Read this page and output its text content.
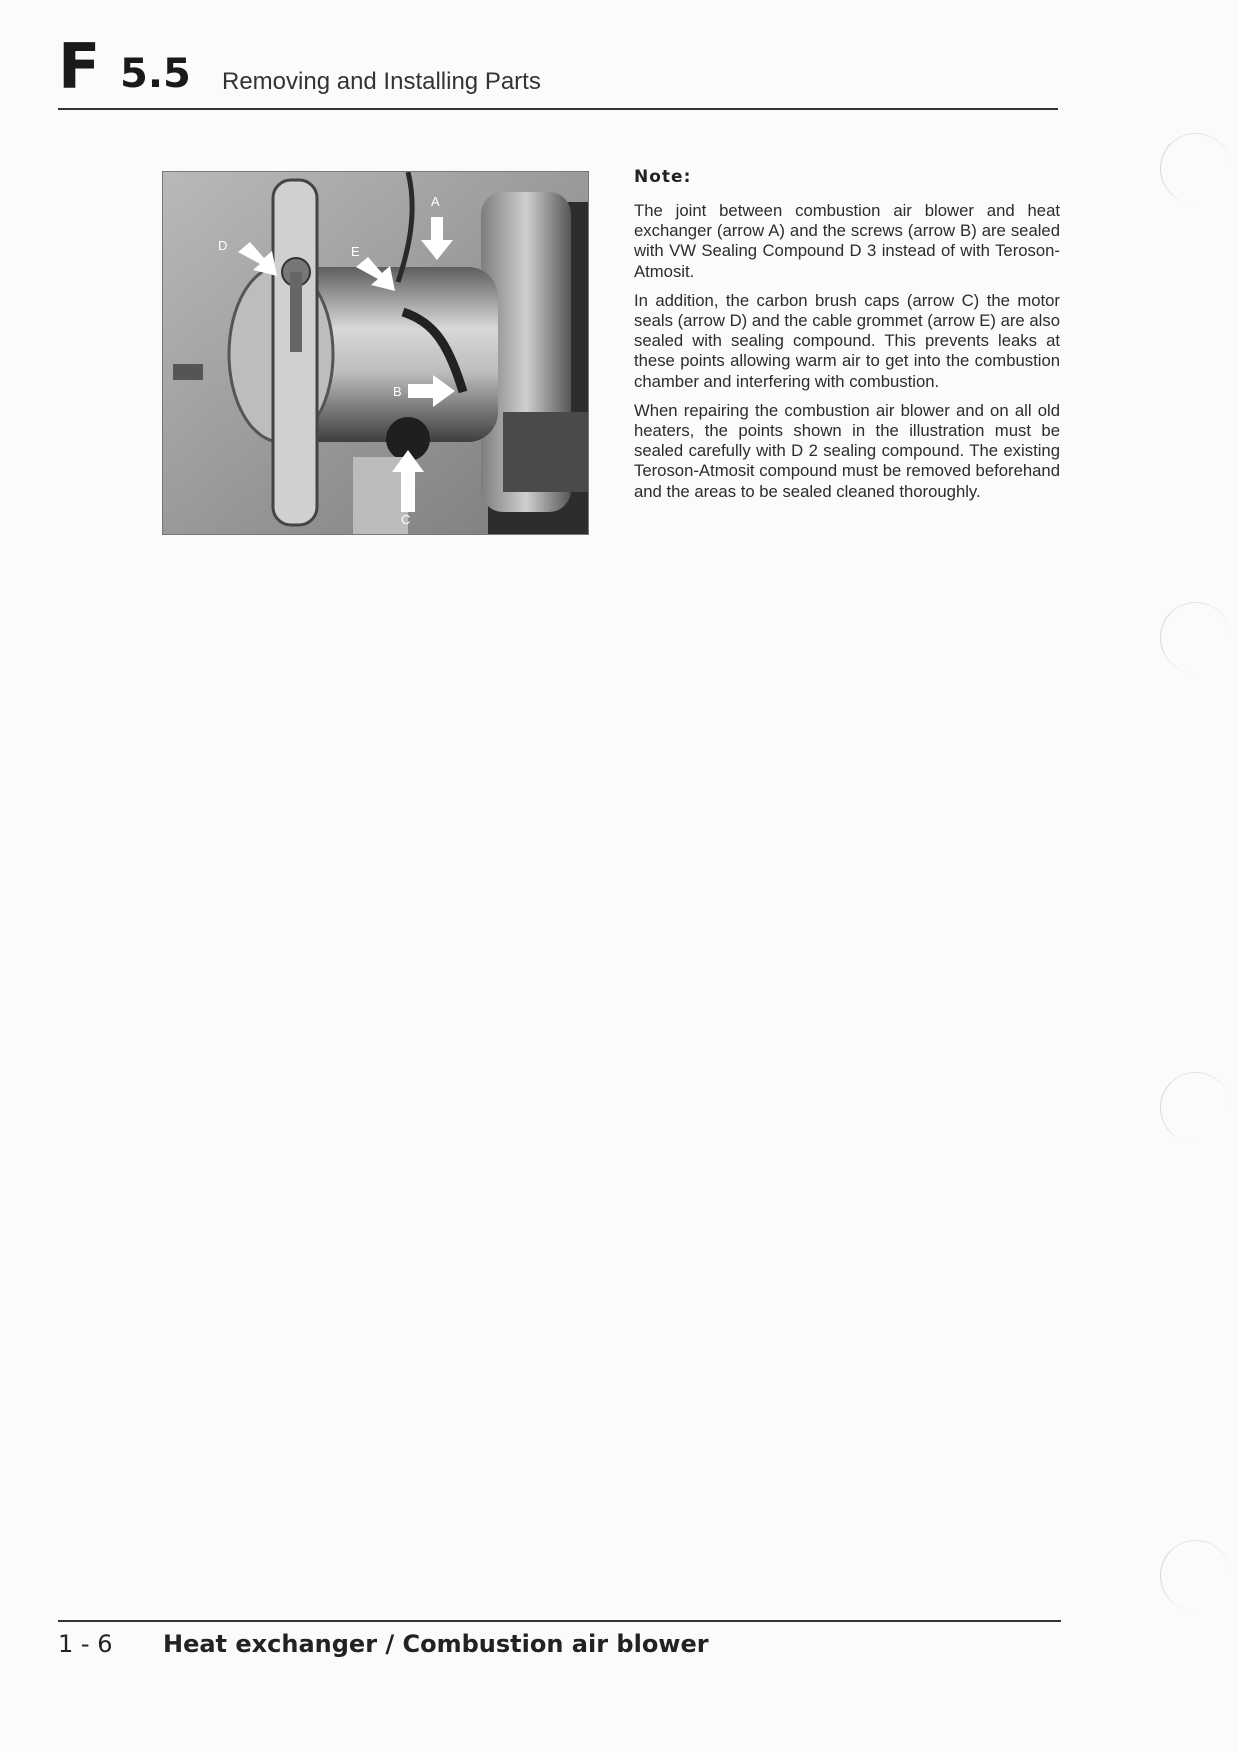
F 5.5 Removing and Installing Parts
A
B
C
D	E
Note:

The joint between combustion air blower and heat exchanger (arrow A) and the screws (arrow B) are sealed with VW Sealing Compound D 3 instead of with Teroson-Atmosit.

In addition, the carbon brush caps (arrow C) the motor seals (arrow D) and the cable grommet (arrow E) are also sealed with sealing compound. This prevents leaks at these points allowing warm air to get into the combustion chamber and interfering with combustion.

When repairing the combustion air blower and on all old heaters, the points shown in the illustration must be sealed carefully with D 2 sealing compound. The existing Teroson-Atmosit compound must be removed beforehand and the areas to be sealed cleaned thoroughly.

1 - 6 Heat exchanger / Combustion air blower
